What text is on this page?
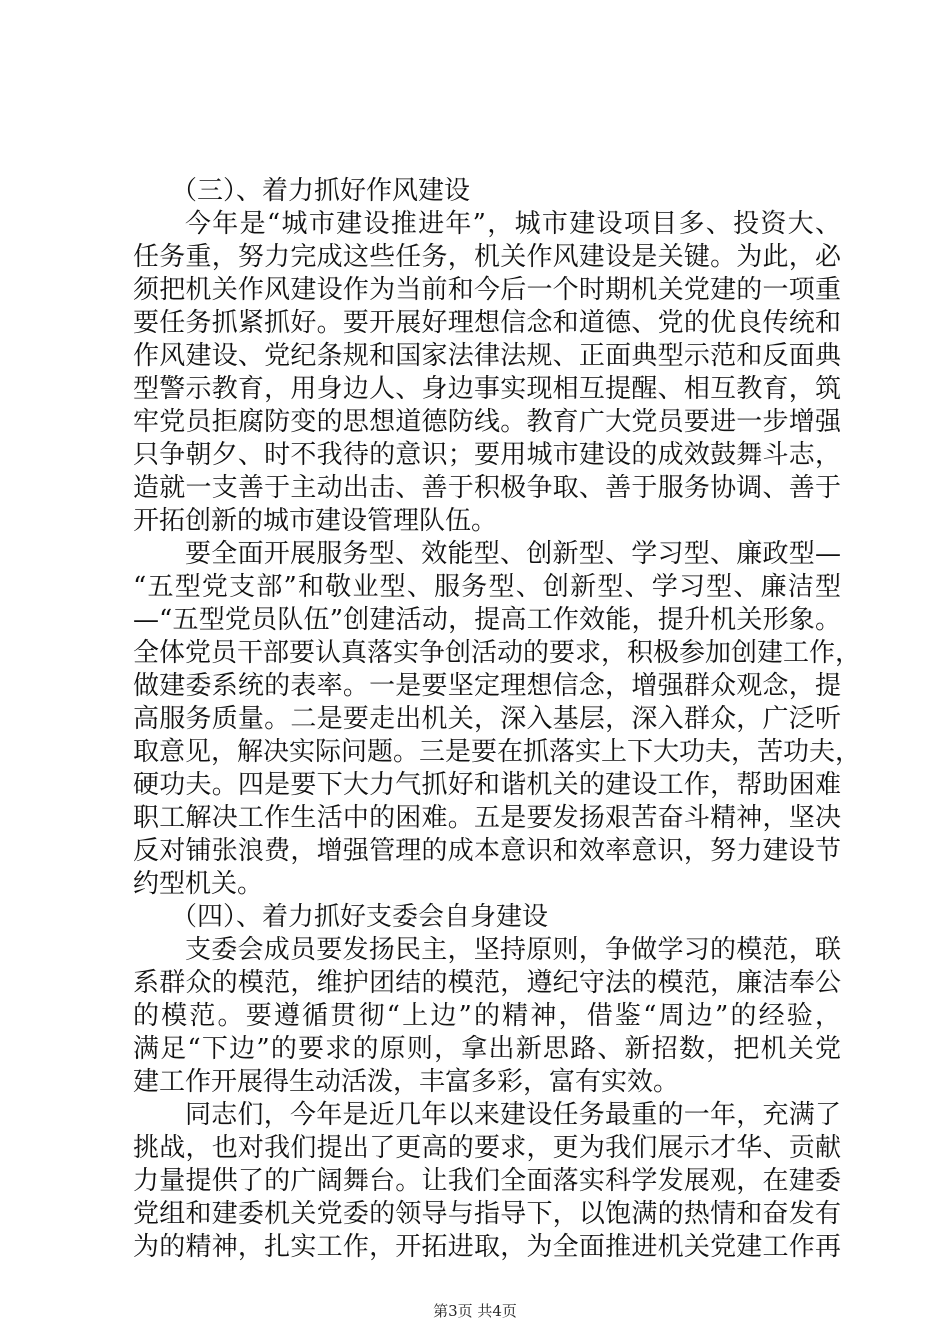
（三）、着力抓好作风建设
今年是“城市建设推进年”，城市建设项目多、投资大、
任务重，努力完成这些任务，机关作风建设是关键。为此，必
须把机关作风建设作为当前和今后一个时期机关党建的一项重
要任务抓紧抓好。要开展好理想信念和道德、党的优良传统和
作风建设、党纪条规和国家法律法规、正面典型示范和反面典
型警示教育，用身边人、身边事实现相互提醒、相互教育，筑
牢党员拒腐防变的思想道德防线。教育广大党员要进一步增强
只争朝夕、时不我待的意识；要用城市建设的成效鼓舞斗志，
造就一支善于主动出击、善于积极争取、善于服务协调、善于
开拓创新的城市建设管理队伍。
要全面开展服务型、效能型、创新型、学习型、廉政型—
“五型党支部”和敬业型、服务型、创新型、学习型、廉洁型
—“五型党员队伍”创建活动，提高工作效能，提升机关形象。
全体党员干部要认真落实争创活动的要求，积极参加创建工作，
做建委系统的表率。一是要坚定理想信念，增强群众观念，提
高服务质量。二是要走出机关，深入基层，深入群众，广泛听
取意见，解决实际问题。三是要在抓落实上下大功夫，苦功夫，
硬功夫。四是要下大力气抓好和谐机关的建设工作，帮助困难
职工解决工作生活中的困难。五是要发扬艰苦奋斗精神，坚决
反对铺张浪费，增强管理的成本意识和效率意识，努力建设节
约型机关。
（四）、着力抓好支委会自身建设
支委会成员要发扬民主，坚持原则，争做学习的模范，联
系群众的模范，维护团结的模范，遵纪守法的模范，廉洁奉公
的模范。要遵循贯彻“上边”的精神，借鉴“周边”的经验，
满足“下边”的要求的原则，拿出新思路、新招数，把机关党
建工作开展得生动活泼，丰富多彩，富有实效。
同志们，今年是近几年以来建设任务最重的一年，充满了
挑战，也对我们提出了更高的要求，更为我们展示才华、贡献
力量提供了的广阔舞台。让我们全面落实科学发展观，在建委
党组和建委机关党委的领导与指导下，以饱满的热情和奋发有
为的精神，扎实工作，开拓进取，为全面推进机关党建工作再
第3页 共4页
